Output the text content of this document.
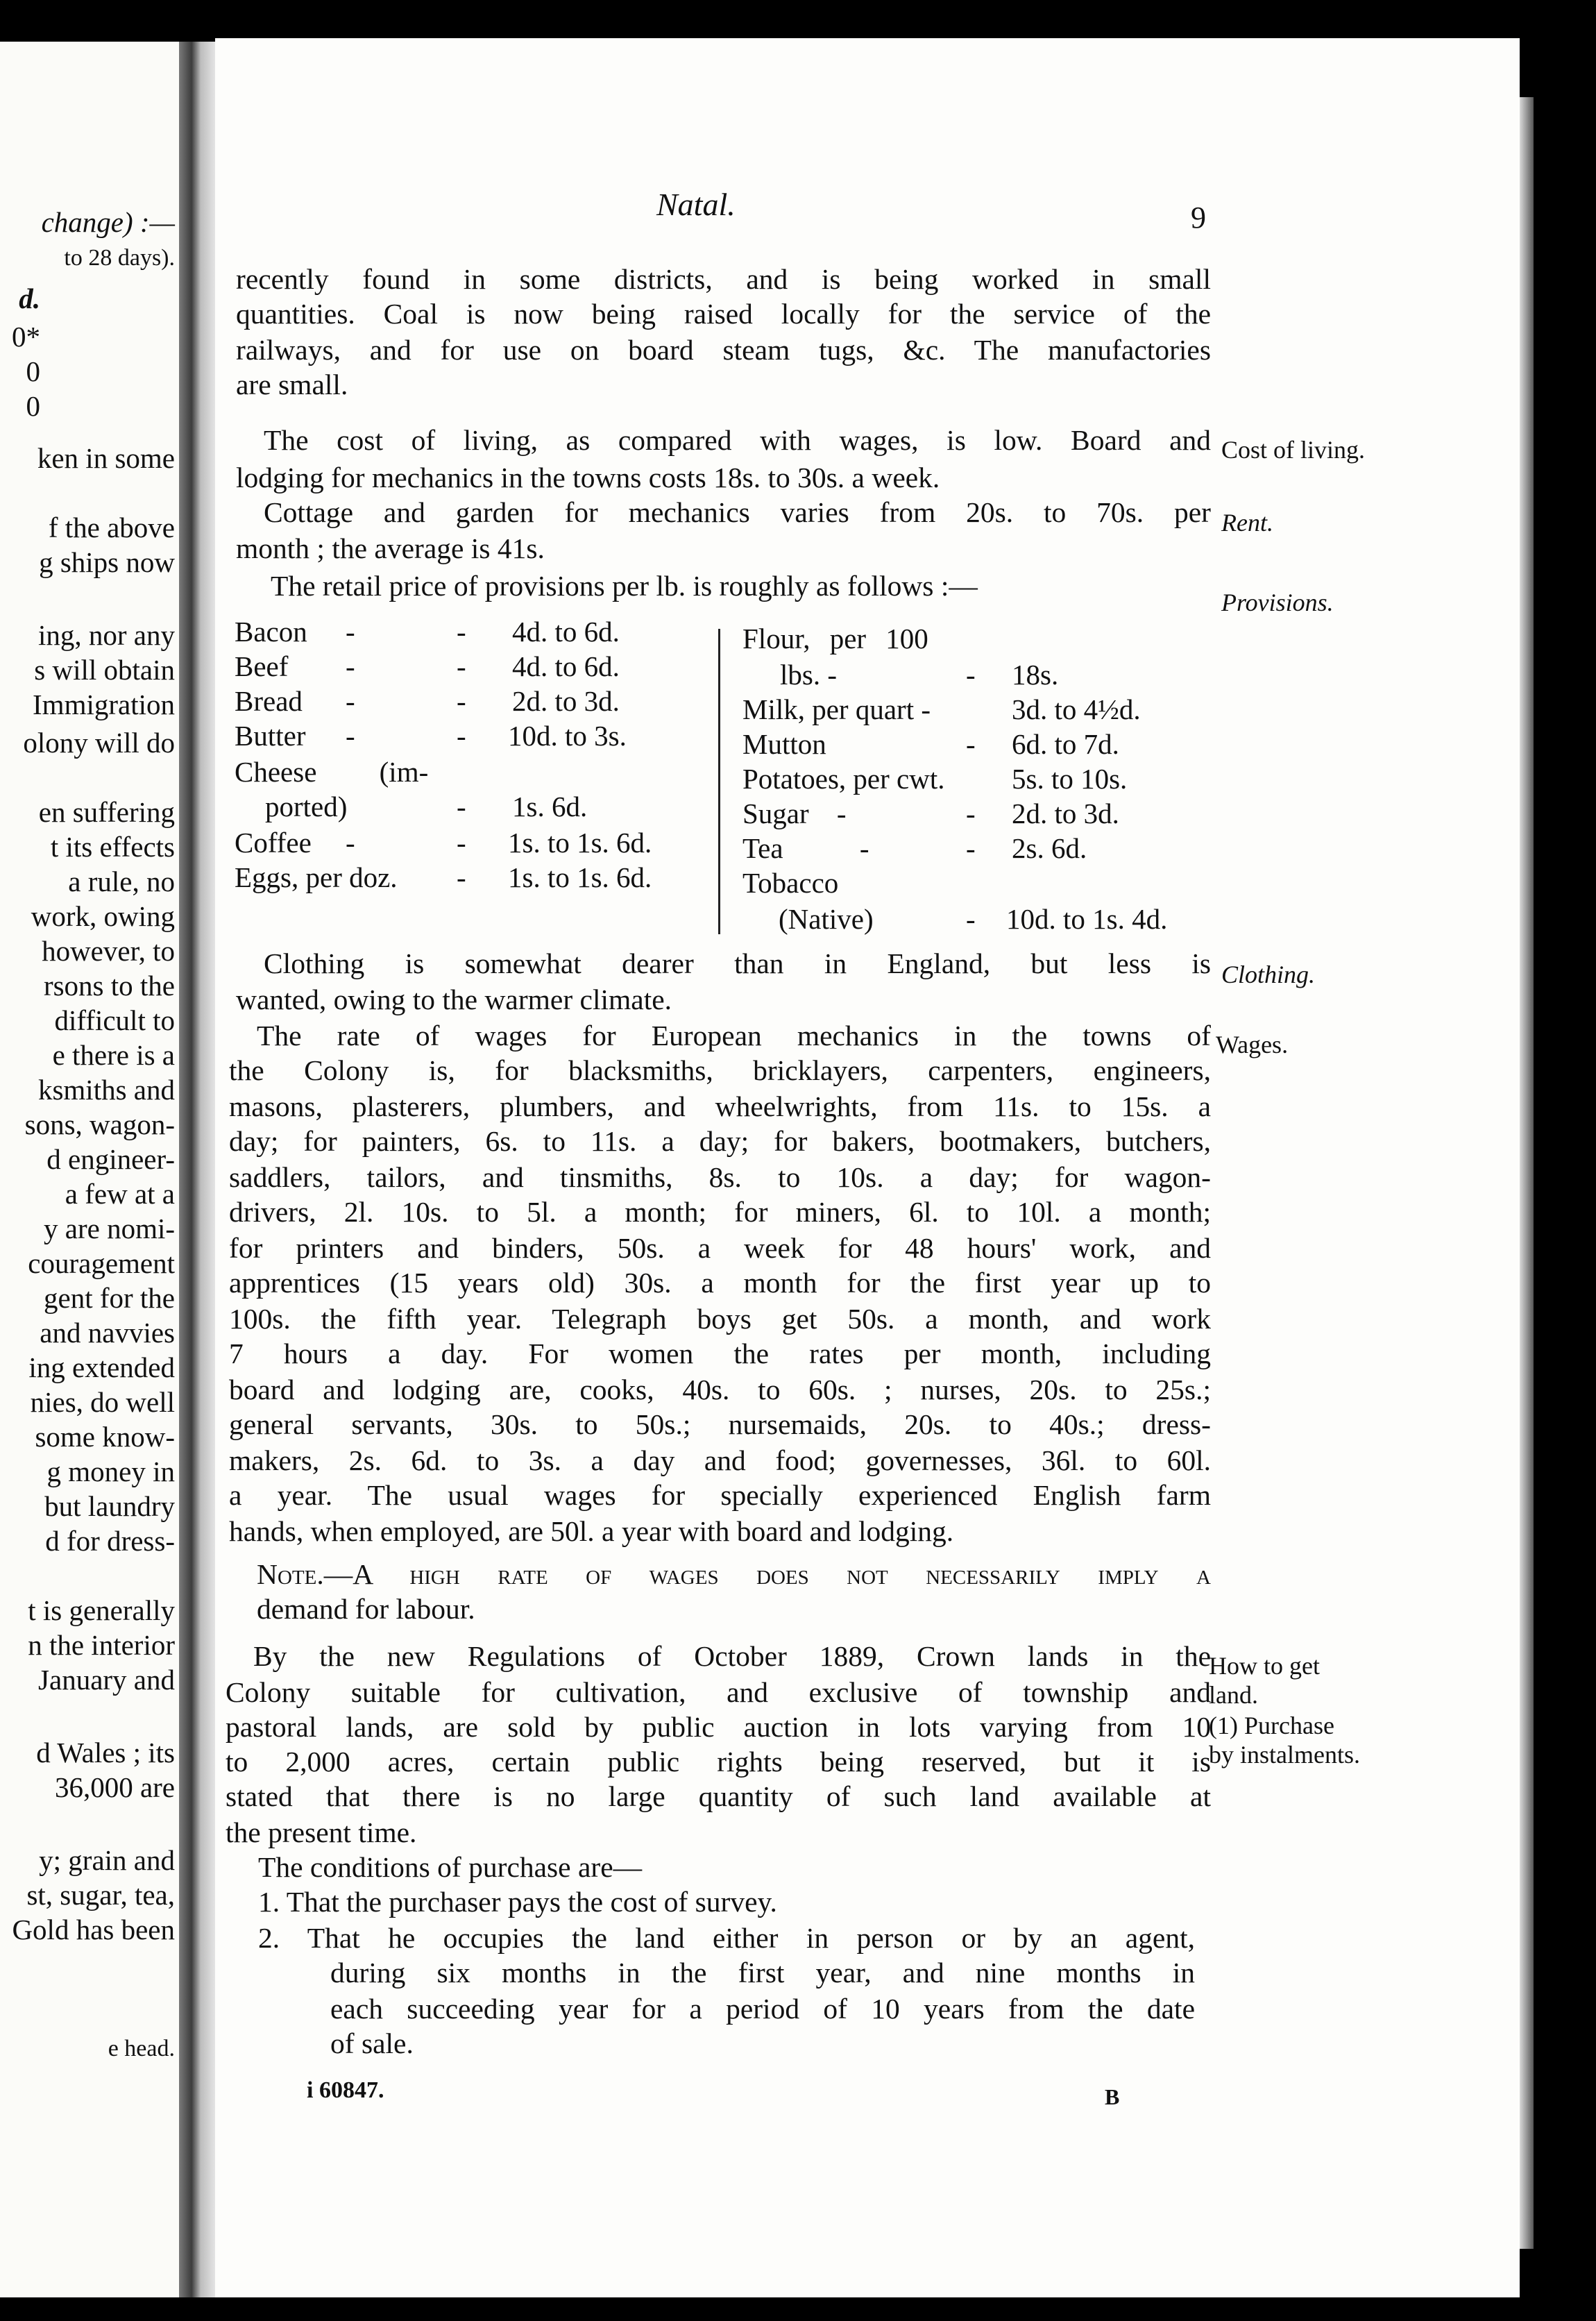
change) :—
to 28 days).
d.
0*
0
0
ken in some
f the above
g ships now
ing, nor any
s will obtain
Immigration
olony will do
en suffering
t its effects
a rule, no
work, owing
however, to
rsons to the
difficult to
e there is a
ksmiths and
sons, wagon-
d engineer-
a few at a
y are nomi-
couragement
gent for the
and navvies
ing extended
nies, do well
some know-
g money in
but laundry
d for dress-
t is generally
n the interior
January and
d Wales ; its
36,000 are
y; grain and
st, sugar, tea,
Gold has been
e head.
Natal.	9
recently found in some districts, and is being worked in small
quantities. Coal is now being raised locally for the service of the
railways, and for use on board steam tugs, &c. The manufactories
are small.
The cost of living, as compared with wages, is low. Board and
lodging for mechanics in the towns costs 18s. to 30s. a week.
Cottage and garden for mechanics varies from 20s. to 70s. per
month ; the average is 41s.
The retail price of provisions per lb. is roughly as follows :—
Clothing is somewhat dearer than in England, but less is
wanted, owing to the warmer climate.
The rate of wages for European mechanics in the towns of
the Colony is, for blacksmiths, bricklayers, carpenters, engineers,
masons, plasterers, plumbers, and wheelwrights, from 11s. to 15s. a
day; for painters, 6s. to 11s. a day; for bakers, bootmakers, butchers,
saddlers, tailors, and tinsmiths, 8s. to 10s. a day; for wagon-
drivers, 2l. 10s. to 5l. a month; for miners, 6l. to 10l. a month;
for printers and binders, 50s. a week for 48 hours' work, and
apprentices (15 years old) 30s. a month for the first year up to
100s. the fifth year. Telegraph boys get 50s. a month, and work
7 hours a day. For women the rates per month, including
board and lodging are, cooks, 40s. to 60s. ; nurses, 20s. to 25s.;
general servants, 30s. to 50s.; nursemaids, 20s. to 40s.; dress-
makers, 2s. 6d. to 3s. a day and food; governesses, 36l. to 60l.
a year. The usual wages for specially experienced English farm
hands, when employed, are 50l. a year with board and lodging.
Note.—A high rate of wages does not necessarily imply a
demand for labour.
By the new Regulations of October 1889, Crown lands in the
Colony suitable for cultivation, and exclusive of township and
pastoral lands, are sold by public auction in lots varying from 10
to 2,000 acres, certain public rights being reserved, but it is
stated that there is no large quantity of such land available at
the present time.
The conditions of purchase are—
1. That the purchaser pays the cost of survey.
2. That he occupies the land either in person or by an agent,
during six months in the first year, and nine months in
each succeeding year for a period of 10 years from the date
of sale.
Bacon -	- 4d. to 6d.
Beef -	- 4d. to 6d.
Bread -	- 2d. to 3d.
Butter -	- 10d. to 3s.
Cheese (im-
ported)	- 1s. 6d.
Coffee -	- 1s. to 1s. 6d.
Eggs, per doz. - 1s. to 1s. 6d.
Flour, per 100
lbs. -	- 18s.
Milk, per quart -	3d. to 4½d.
Mutton	- 6d. to 7d.
Potatoes, per cwt. 5s. to 10s.
Sugar -	- 2d. to 3d.
Tea -	- 2s. 6d.
Tobacco
(Native)	- 10d. to 1s. 4d.
Cost of living.
Rent.
Provisions.
Clothing.
Wages.
How to get
land.
(1) Purchase
by instalments.
i 60847.	B
